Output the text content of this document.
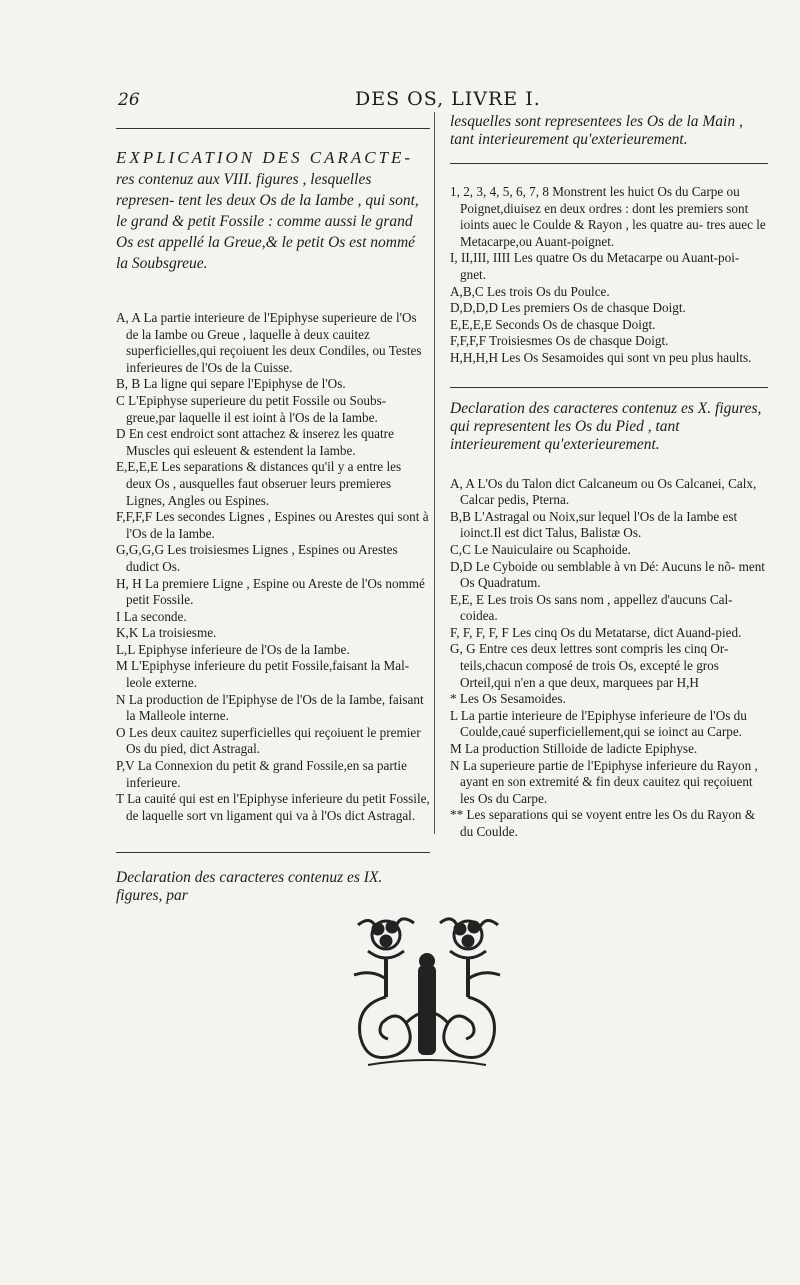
26	DES OS, LIVRE I.
EXPLICATION DES CARACTE- res contenuz aux VIII. figures , lesquelles represen- tent les deux Os de la Iambe , qui sont, le grand & petit Fossile : comme aussi le grand Os est appellé la Greue,& le petit Os est nommé la Soubsgreue.

A, A La partie interieure de l'Epiphyse superieure de l'Os de la Iambe ou Greue , laquelle à deux cauitez superficielles,qui reçoiuent les deux Condiles, ou Testes inferieures de l'Os de la Cuisse.

B, B La ligne qui separe l'Epiphyse de l'Os.

C L'Epiphyse superieure du petit Fossile ou Soubs- greue,par laquelle il est ioint à l'Os de la Iambe.

D En cest endroict sont attachez & inserez les quatre Muscles qui esleuent & estendent la Iambe.

E,E,E,E Les separations & distances qu'il y a entre les deux Os , ausquelles faut obseruer leurs premieres Lignes, Angles ou Espines.

F,F,F,F Les secondes Lignes , Espines ou Arestes qui sont à l'Os de la Iambe.

G,G,G,G Les troisiesmes Lignes , Espines ou Arestes dudict Os.

H, H La premiere Ligne , Espine ou Areste de l'Os nommé petit Fossile.

I La seconde.

K,K La troisiesme.

L,L Epiphyse inferieure de l'Os de la Iambe.

M L'Epiphyse inferieure du petit Fossile,faisant la Mal- leole externe.

N La production de l'Epiphyse de l'Os de la Iambe, faisant la Malleole interne.

O Les deux cauitez superficielles qui reçoiuent le premier Os du pied, dict Astragal.

P,V La Connexion du petit & grand Fossile,en sa partie inferieure.

T La cauité qui est en l'Epiphyse inferieure du petit Fossile, de laquelle sort vn ligament qui va à l'Os dict Astragal.

Declaration des caracteres contenuz es IX. figures, par
lesquelles sont representees les Os de la Main , tant interieurement qu'exterieurement.

1, 2, 3, 4, 5, 6, 7, 8 Monstrent les huict Os du Carpe ou Poignet,diuisez en deux ordres : dont les premiers sont ioints auec le Coulde & Rayon , les quatre au- tres auec le Metacarpe,ou Auant-poignet.

I, II,III, IIII Les quatre Os du Metacarpe ou Auant-poi- gnet.

A,B,C Les trois Os du Poulce.

D,D,D,D Les premiers Os de chasque Doigt.

E,E,E,E Seconds Os de chasque Doigt.

F,F,F,F Troisiesmes Os de chasque Doigt.

H,H,H,H Les Os Sesamoides qui sont vn peu plus haults.

Declaration des caracteres contenuz es X. figures, qui representent les Os du Pied , tant interieurement qu'exterieurement.

A, A L'Os du Talon dict Calcaneum ou Os Calcanei, Calx, Calcar pedis, Pterna.

B,B L'Astragal ou Noix,sur lequel l'Os de la Iambe est ioinct.Il est dict Talus, Balistæ Os.

C,C Le Nauiculaire ou Scaphoide.

D,D Le Cyboide ou semblable à vn Dé: Aucuns le nõ- ment Os Quadratum.

E,E, E Les trois Os sans nom , appellez d'aucuns Cal- coidea.

F, F, F, F, F Les cinq Os du Metatarse, dict Auand-pied.

G, G Entre ces deux lettres sont compris les cinq Or- teils,chacun composé de trois Os, excepté le gros Orteil,qui n'en a que deux, marquees par H,H

* Les Os Sesamoides.

L La partie interieure de l'Epiphyse inferieure de l'Os du Coulde,caué superficiellement,qui se ioinct au Carpe.

M La production Stilloide de ladicte Epiphyse.

N La superieure partie de l'Epiphyse inferieure du Rayon , ayant en son extremité & fin deux cauitez qui reçoiuent les Os du Carpe.

** Les separations qui se voyent entre les Os du Rayon & du Coulde.
